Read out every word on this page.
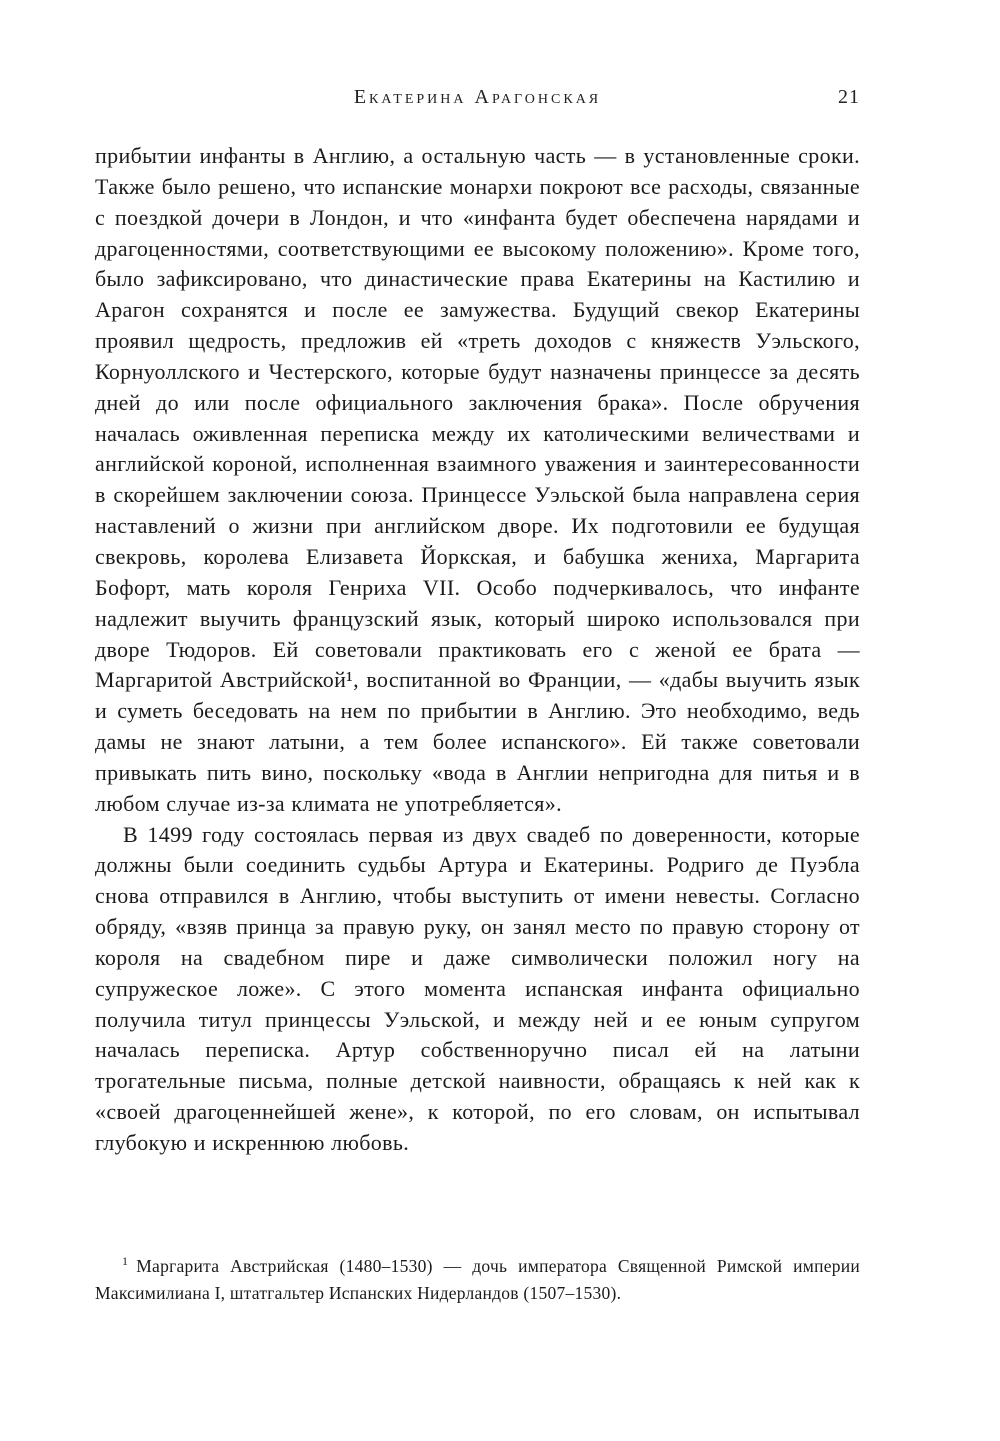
Екатерина Арагонская	21

прибытии инфанты в Англию, а остальную часть — в установленные сроки. Также было решено, что испанские монархи покроют все расходы, связанные с поездкой дочери в Лондон, и что «инфанта будет обеспечена нарядами и драгоценностями, соответствующими ее высокому положению». Кроме того, было зафиксировано, что династические права Екатерины на Кастилию и Арагон сохранятся и после ее замужества. Будущий свекор Екатерины проявил щедрость, предложив ей «треть доходов с княжеств Уэльского, Корнуоллского и Честерского, которые будут назначены принцессе за десять дней до или после официального заключения брака». После обручения началась оживленная переписка между их католическими величествами и английской короной, исполненная взаимного уважения и заинтересованности в скорейшем заключении союза. Принцессе Уэльской была направлена серия наставлений о жизни при английском дворе. Их подготовили ее будущая свекровь, королева Елизавета Йоркская, и бабушка жениха, Маргарита Бофорт, мать короля Генриха VII. Особо подчеркивалось, что инфанте надлежит выучить французский язык, который широко использовался при дворе Тюдоров. Ей советовали практиковать его с женой ее брата — Маргаритой Австрийской¹, воспитанной во Франции, — «дабы выучить язык и суметь беседовать на нем по прибытии в Англию. Это необходимо, ведь дамы не знают латыни, а тем более испанского». Ей также советовали привыкать пить вино, поскольку «вода в Англии непригодна для питья и в любом случае из-за климата не употребляется».

В 1499 году состоялась первая из двух свадеб по доверенности, которые должны были соединить судьбы Артура и Екатерины. Родриго де Пуэбла снова отправился в Англию, чтобы выступить от имени невесты. Согласно обряду, «взяв принца за правую руку, он занял место по правую сторону от короля на свадебном пире и даже символически положил ногу на супружеское ложе». С этого момента испанская инфанта официально получила титул принцессы Уэльской, и между ней и ее юным супругом началась переписка. Артур собственноручно писал ей на латыни трогательные письма, полные детской наивности, обращаясь к ней как к «своей драгоценнейшей жене», к которой, по его словам, он испытывал глубокую и искреннюю любовь.

$^1$ Маргарита Австрийская (1480–1530) — дочь императора Священной Римской империи Максимилиана I, штатгальтер Испанских Нидерландов (1507–1530).
